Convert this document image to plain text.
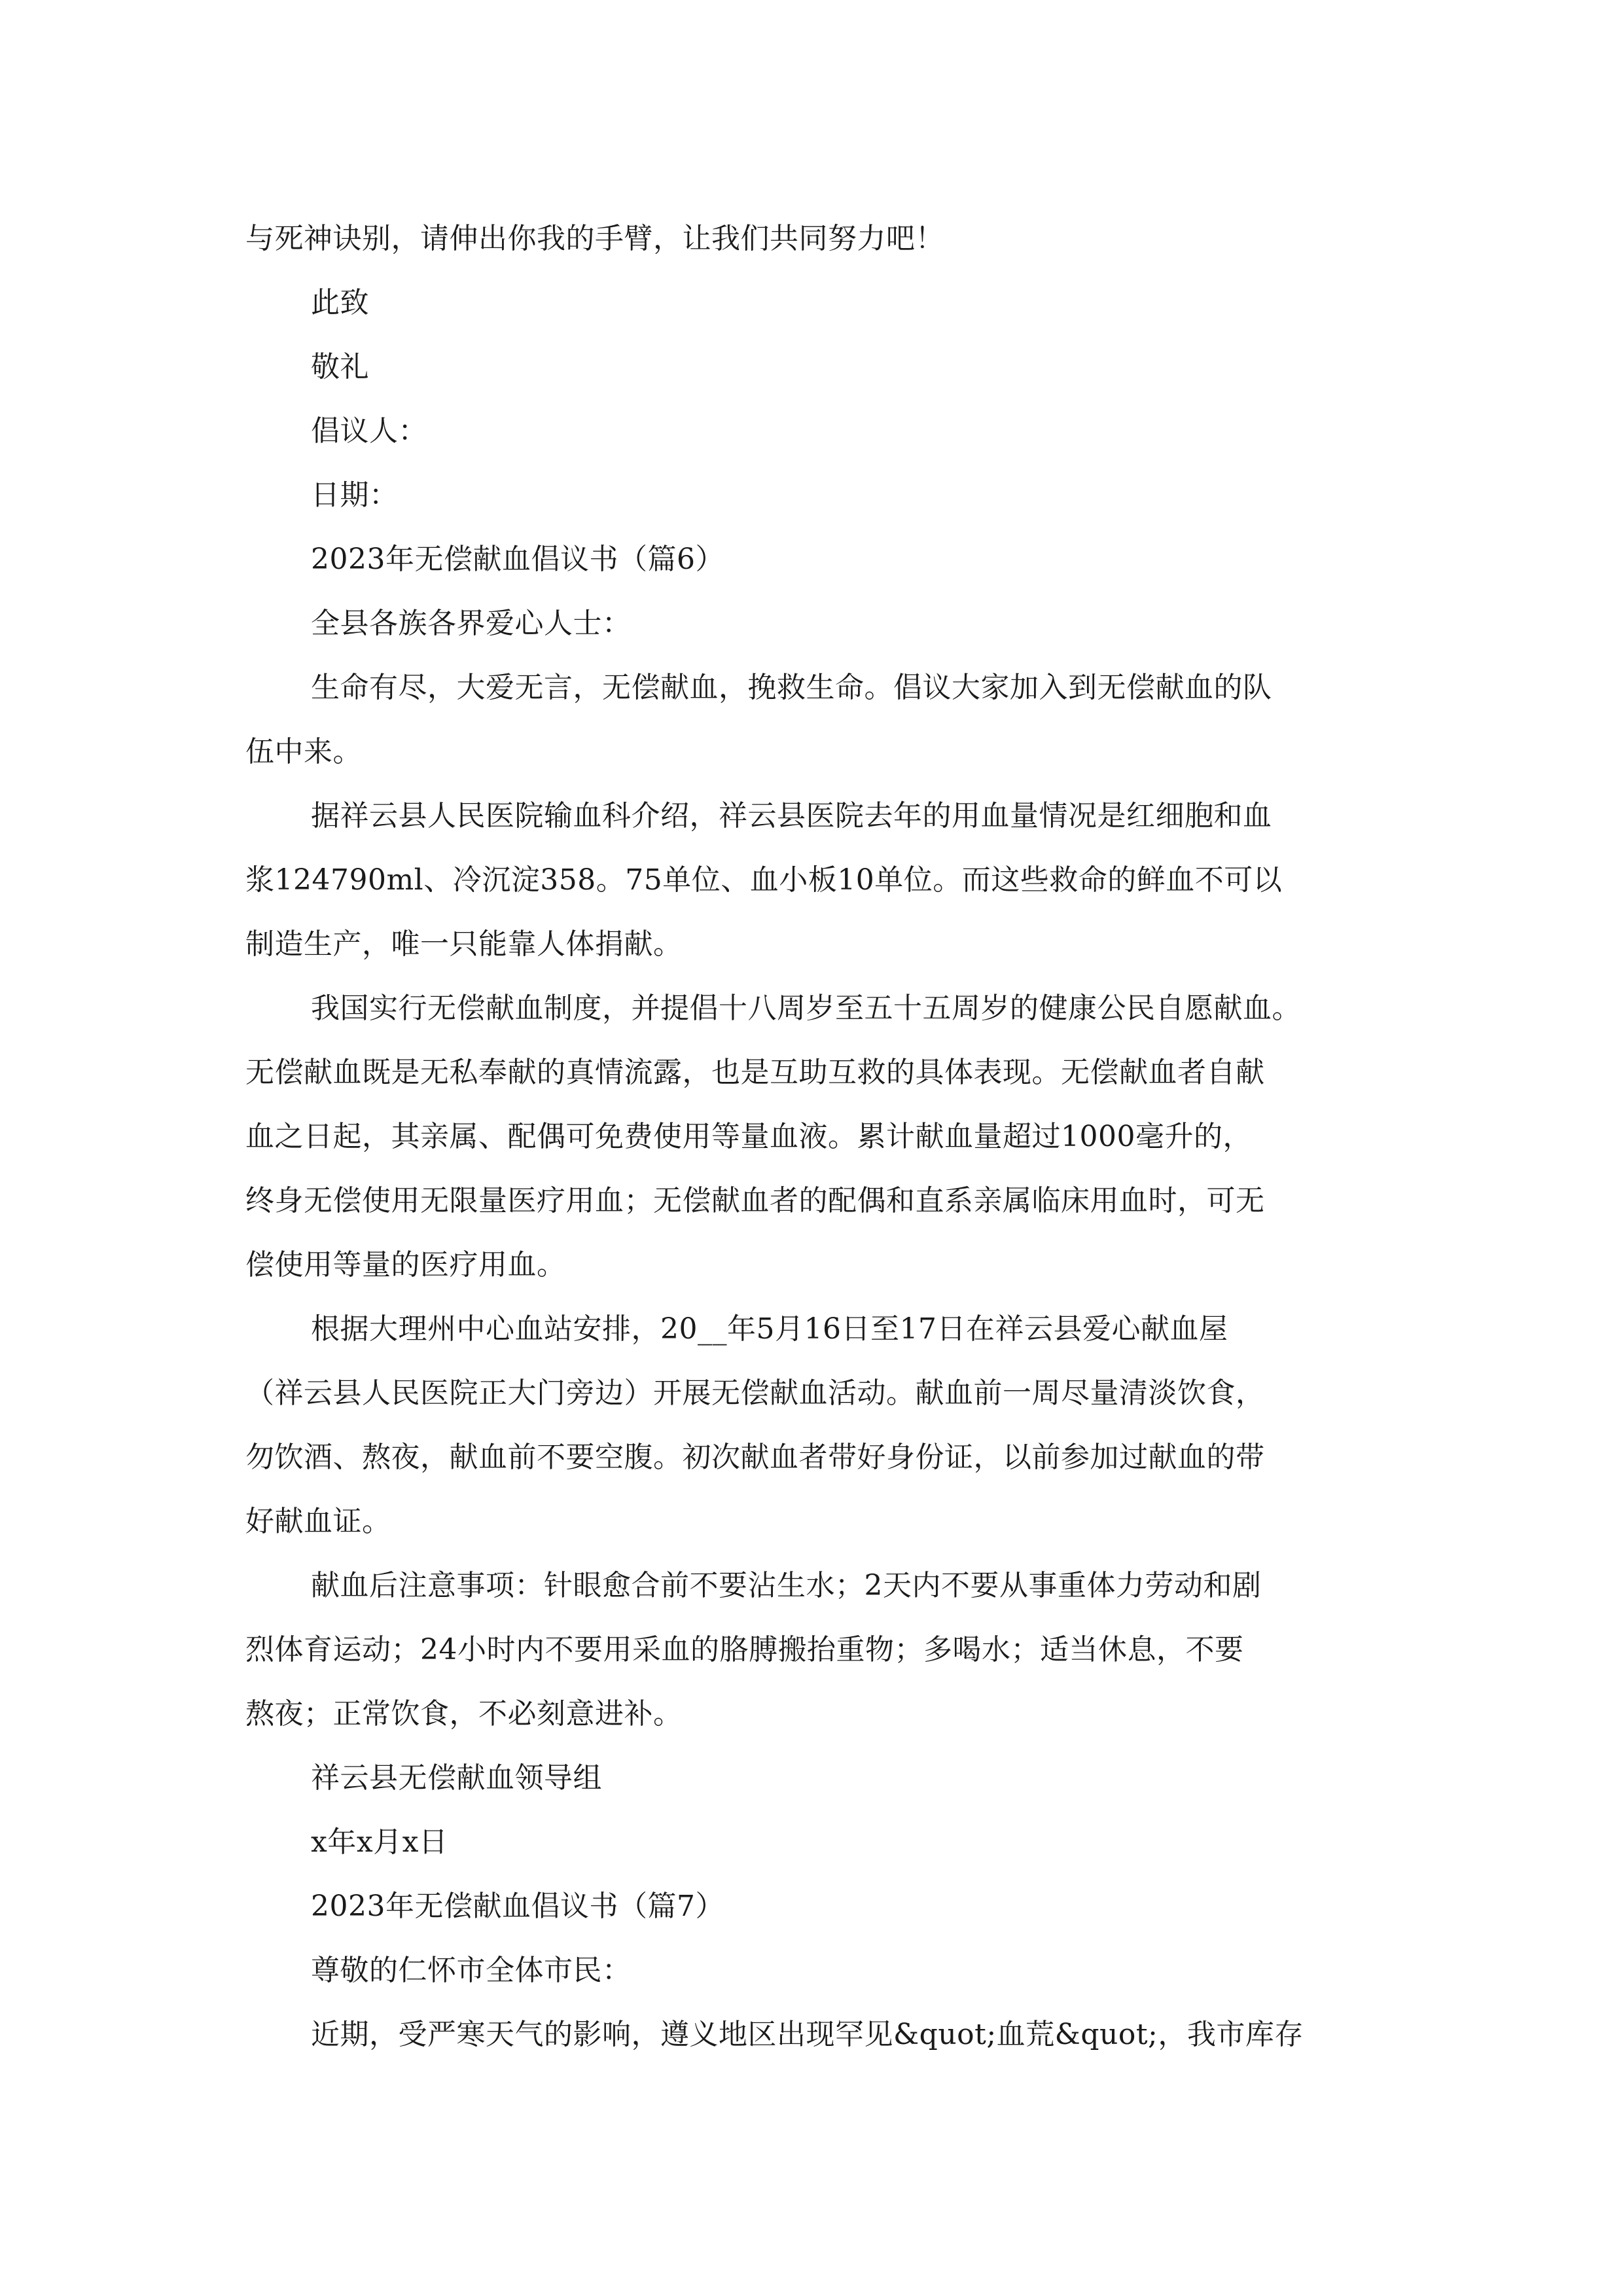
与死神诀别，请伸出你我的手臂，让我们共同努力吧！
此致
敬礼
倡议人：
日期：
2023年无偿献血倡议书（篇6）
全县各族各界爱心人士：
生命有尽，大爱无言，无偿献血，挽救生命。倡议大家加入到无偿献血的队
伍中来。
据祥云县人民医院输血科介绍，祥云县医院去年的用血量情况是红细胞和血
浆124790ml、冷沉淀358。75单位、血小板10单位。而这些救命的鲜血不可以
制造生产，唯一只能靠人体捐献。
我国实行无偿献血制度，并提倡十八周岁至五十五周岁的健康公民自愿献血。
无偿献血既是无私奉献的真情流露，也是互助互救的具体表现。无偿献血者自献
血之日起，其亲属、配偶可免费使用等量血液。累计献血量超过1000毫升的，
终身无偿使用无限量医疗用血；无偿献血者的配偶和直系亲属临床用血时，可无
偿使用等量的医疗用血。
根据大理州中心血站安排，20__年5月16日至17日在祥云县爱心献血屋
（祥云县人民医院正大门旁边）开展无偿献血活动。献血前一周尽量清淡饮食，
勿饮酒、熬夜，献血前不要空腹。初次献血者带好身份证，以前参加过献血的带
好献血证。
献血后注意事项：针眼愈合前不要沾生水；2天内不要从事重体力劳动和剧
烈体育运动；24小时内不要用采血的胳膊搬抬重物；多喝水；适当休息，不要
熬夜；正常饮食，不必刻意进补。
祥云县无偿献血领导组
x年x月x日
2023年无偿献血倡议书（篇7）
尊敬的仁怀市全体市民：
近期，受严寒天气的影响，遵义地区出现罕见&quot;血荒&quot;，我市库存
